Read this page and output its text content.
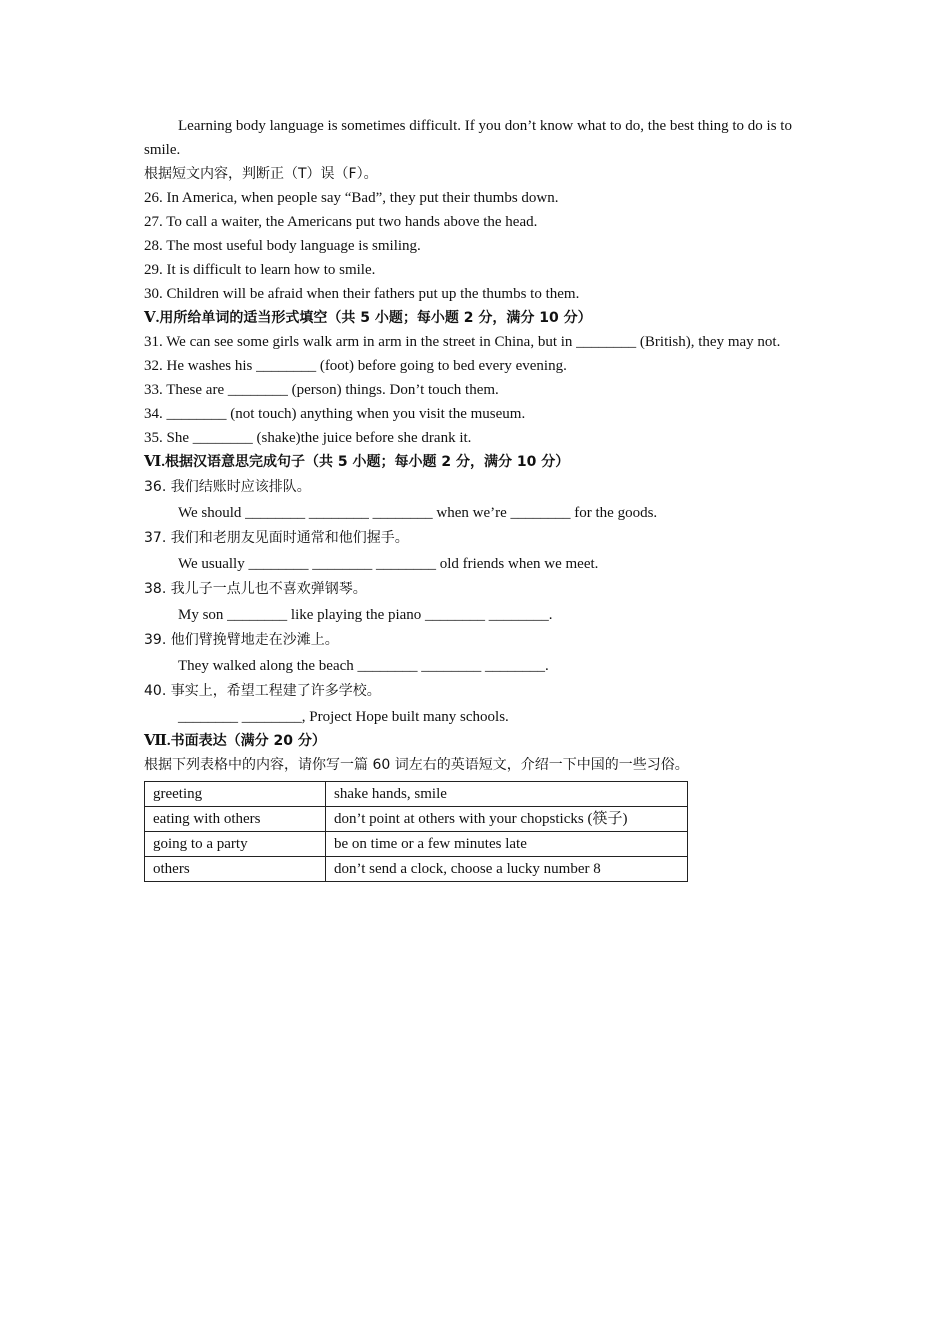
Learning body language is sometimes difficult. If you don’t know what to do, the best thing to do is to smile.

根据短文内容，判断正（T）误（F）。

26. In America, when people say “Bad”, they put their thumbs down.

27. To call a waiter, the Americans put two hands above the head.

28. The most useful body language is smiling.

29. It is difficult to learn how to smile.

30. Children will be afraid when their fathers put up the thumbs to them.

Ⅴ.用所给单词的适当形式填空（共 5 小题；每小题 2 分，满分 10 分）

31. We can see some girls walk arm in arm in the street in China, but in ________ (British), they may not.

32. He washes his ________ (foot) before going to bed every evening.

33. These are ________ (person) things. Don’t touch them.

34. ________ (not touch) anything when you visit the museum.

35. She ________ (shake)the juice before she drank it.

Ⅵ.根据汉语意思完成句子（共 5 小题；每小题 2 分，满分 10 分）

36. 我们结账时应该排队。

We should ________ ________ ________ when we’re ________ for the goods.

37. 我们和老朋友见面时通常和他们握手。

We usually ________ ________ ________ old friends when we meet.

38. 我儿子一点儿也不喜欢弹钢琴。

My son ________ like playing the piano ________ ________.

39. 他们臂挽臂地走在沙滩上。

They walked along the beach ________ ________ ________.

40. 事实上，希望工程建了许多学校。

________ ________, Project Hope built many schools.

Ⅶ.书面表达（满分 20 分）

根据下列表格中的内容，请你写一篇 60 词左右的英语短文，介绍一下中国的一些习俗。

greeting	shake hands, smile
eating with others	don’t point at others with your chopsticks (筷子)
going to a party	be on time or a few minutes late
others	don’t send a clock, choose a lucky number 8
